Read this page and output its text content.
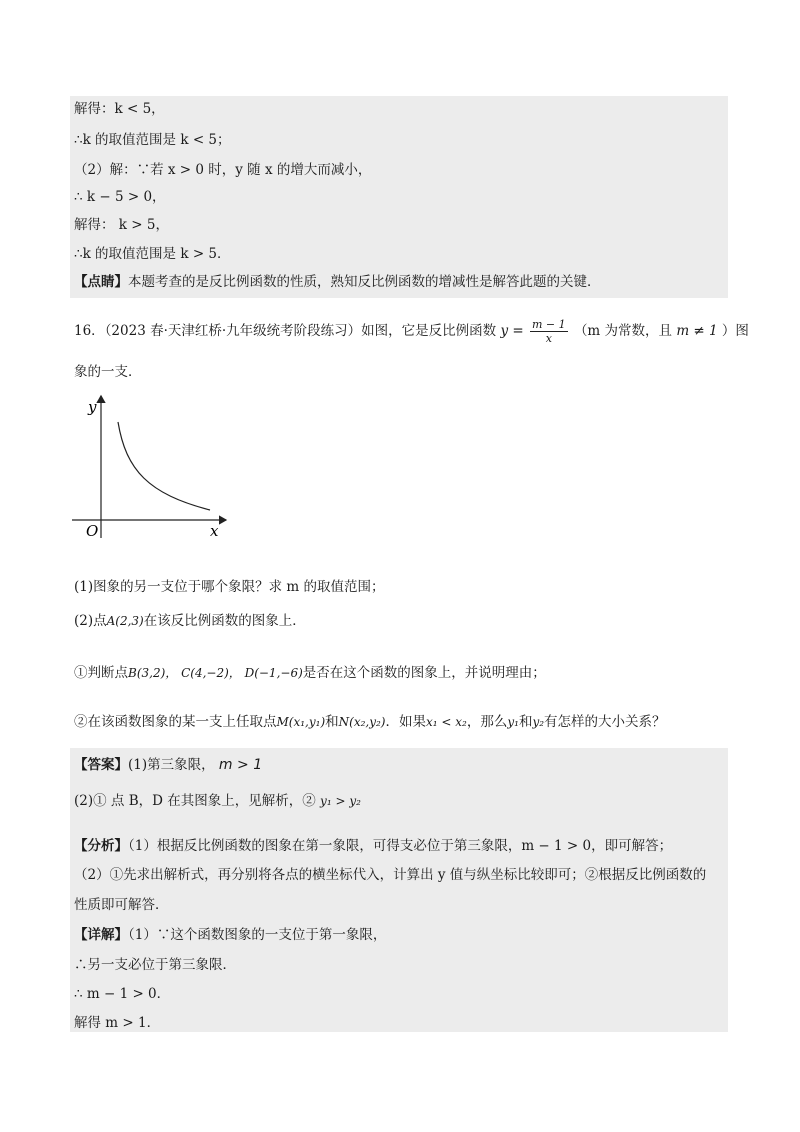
解得：k < 5，
∴k 的取值范围是 k < 5；
（2）解：∵若 x > 0 时，y 随 x 的增大而减小，
∴ k − 5 > 0，
解得： k > 5，
∴k 的取值范围是 k > 5．
【点睛】本题考查的是反比例函数的性质，熟知反比例函数的增减性是解答此题的关键．
16．（2023 春·天津红桥·九年级统考阶段练习）如图，它是反比例函数 $y = \frac{m - 1}{x} (m$ 为常数，且 m ≠ 1 ）图
象的一支．
y
x
O
(1)图象的另一支位于哪个象限？求 m 的取值范围；
(2)点A(2,3)在该反比例函数的图象上．
①判断点B(3,2)， C(4,−2)， D(−1,−6)是否在这个函数的图象上，并说明理由；
②在该函数图象的某一支上任取点M(x₁,y₁)和N(x₂,y₂)．如果x₁ < x₂，那么y₁和y₂有怎样的大小关系？
【答案】(1)第三象限， m > 1
(2)① 点 B，D 在其图象上，见解析，② y₁ > y₂
【分析】（1）根据反比例函数的图象在第一象限，可得支必位于第三象限，m − 1 > 0，即可解答；
（2）①先求出解析式，再分别将各点的横坐标代入，计算出 y 值与纵坐标比较即可；②根据反比例函数的
性质即可解答．
【详解】（1）∵这个函数图象的一支位于第一象限，
∴另一支必位于第三象限．
∴ m − 1 > 0．
解得 m > 1．
